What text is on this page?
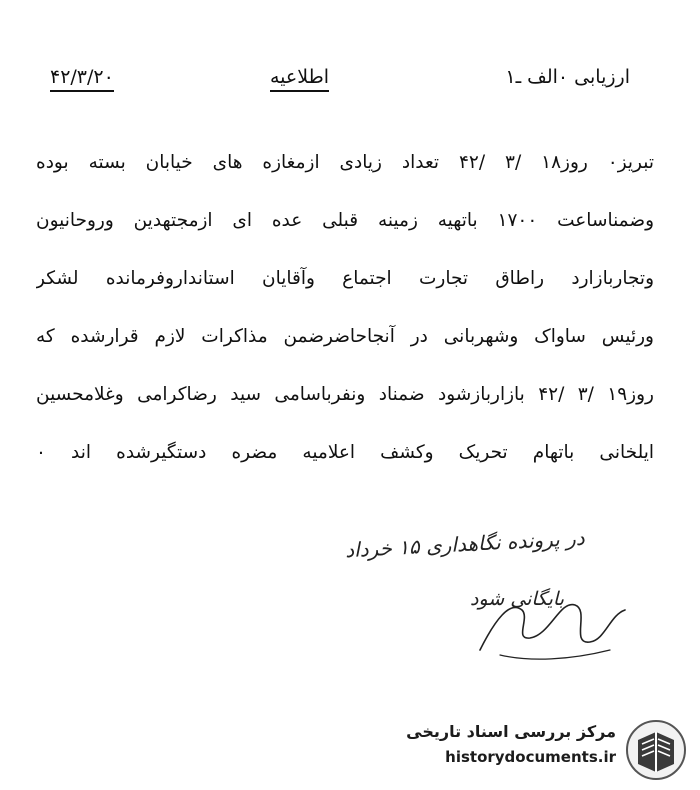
ارزیابی ۰الف ـ۱
اطلاعیه
۴۲/۳/۲۰
تبریز۰ روز۱۸ /۳ /۴۲ تعداد زیادی ازمغازه های خیابان بسته بوده
وضمناساعت ۱۷۰۰ باتهیه زمینه قبلی عده ای ازمجتهدین وروحانیون
وتجاربازارد راطاق تجارت اجتماع وآقایان استانداروفرمانده لشکر
ورئیس ساواک وشهربانی در آنجاحاضرضمن مذاکرات لازم قرارشده که
روز۱۹ /۳ /۴۲ بازاربازشود ضمناد ونفرباسامی سید رضاکرامی وغلامحسین
ایلخانی باتهام تحریک وکشف اعلامیه مضره دستگیرشده اند ۰
در پرونده نگاهداری ۱۵ خرداد
بایگانی شود
مرکز بررسی اسناد تاریخی
historydocuments.ir
